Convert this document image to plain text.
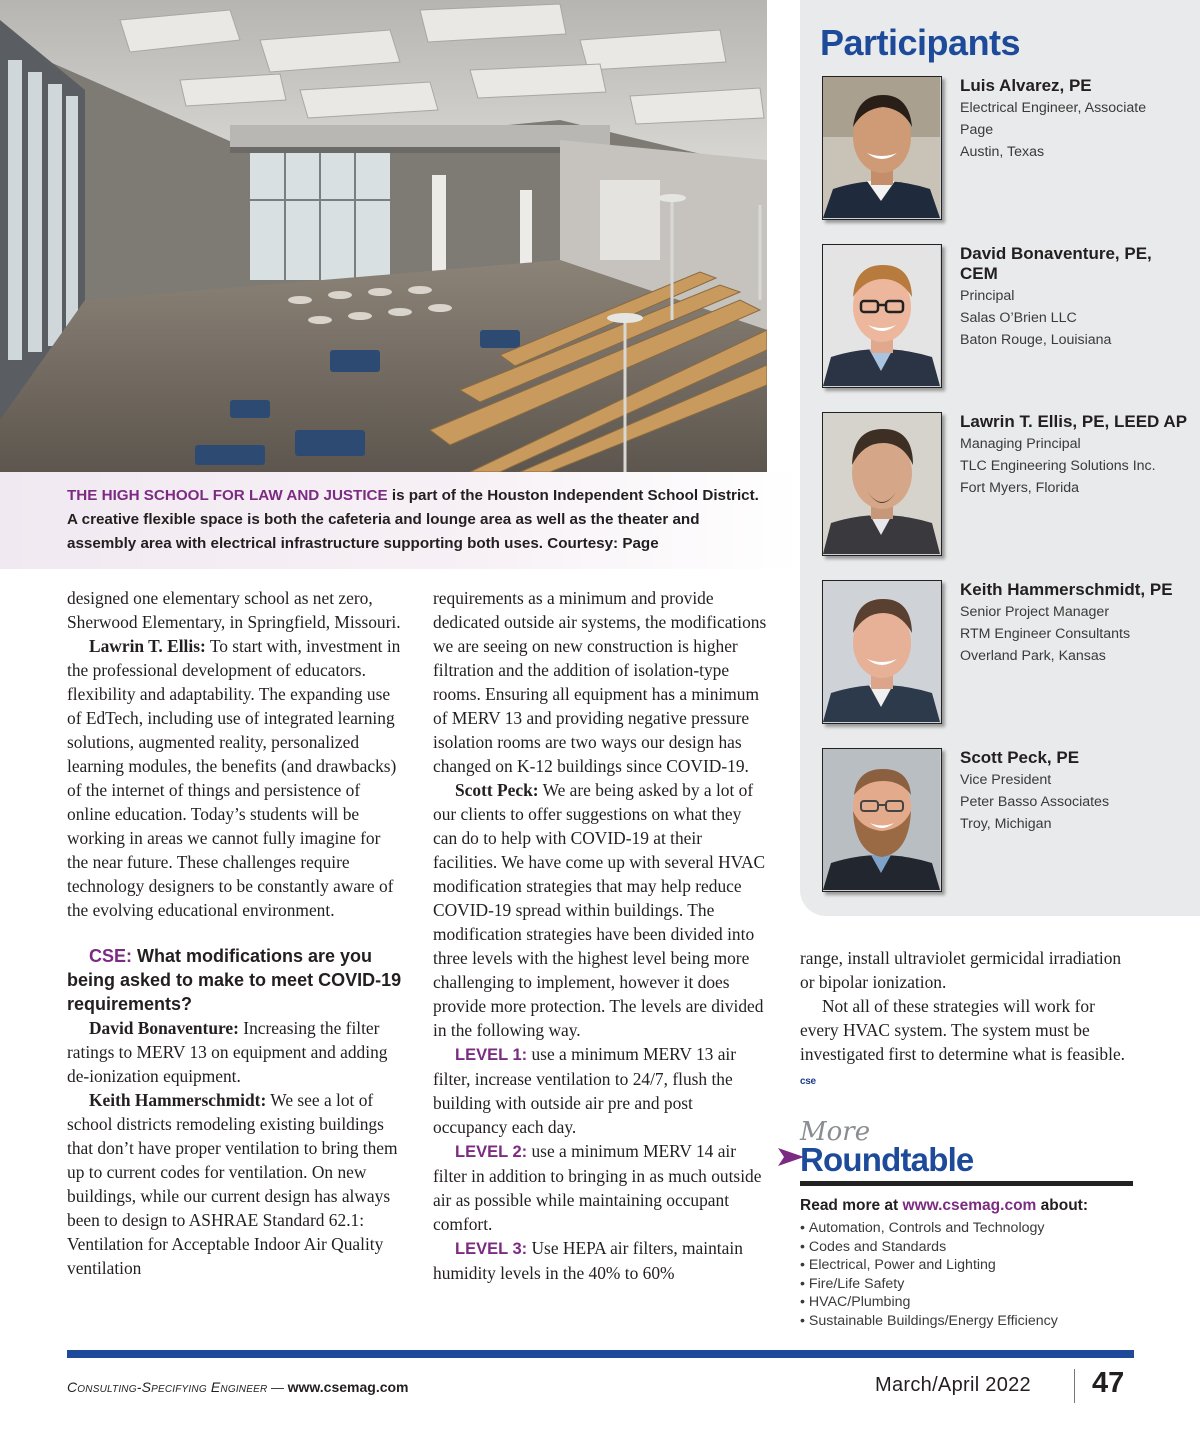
THE HIGH SCHOOL FOR LAW AND JUSTICE is part of the Houston Independent School District. A creative flexible space is both the cafeteria and lounge area as well as the theater and assembly area with electrical infrastructure supporting both uses. Courtesy: Page

designed one elementary school as net zero, Sherwood Elementary, in Springfield, Missouri.

Lawrin T. Ellis: To start with, investment in the professional development of educators. flexibility and adaptability. The expanding use of EdTech, including use of integrated learning solutions, augmented reality, personalized learning modules, the benefits (and drawbacks) of the internet of things and persistence of online education. Today’s students will be working in areas we cannot fully imagine for the near future. These challenges require technology designers to be constantly aware of the evolving educational environment.

CSE: What modifications are you being asked to make to meet COVID-19 requirements?

David Bonaventure: Increasing the filter ratings to MERV 13 on equipment and adding de-ionization equipment.

Keith Hammerschmidt: We see a lot of school districts remodeling existing buildings that don’t have proper ventilation to bring them up to current codes for ventilation. On new buildings, while our current design has always been to design to ASHRAE Standard 62.1: Ventilation for Acceptable Indoor Air Quality ventilation

requirements as a minimum and provide dedicated outside air systems, the modifications we are seeing on new construction is higher filtration and the addition of isolation-type rooms. Ensuring all equipment has a minimum of MERV 13 and providing negative pressure isolation rooms are two ways our design has changed on K-12 buildings since COVID-19.

Scott Peck: We are being asked by a lot of our clients to offer suggestions on what they can do to help with COVID-19 at their facilities. We have come up with several HVAC modification strategies that may help reduce COVID-19 spread within buildings. The modification strategies have been divided into three levels with the highest level being more challenging to implement, however it does provide more protection. The levels are divided in the following way.

LEVEL 1: use a minimum MERV 13 air filter, increase ventilation to 24/7, flush the building with outside air pre and post occupancy each day.

LEVEL 2: use a minimum MERV 14 air filter in addition to bringing in as much outside air as possible while maintaining occupant comfort.

LEVEL 3: Use HEPA air filters, maintain humidity levels in the 40% to 60%

range, install ultraviolet germicidal irradiation or bipolar ionization.

Not all of these strategies will work for every HVAC system. The system must be investigated first to determine what is feasible. cse

Participants
Luis Alvarez, PE
Electrical Engineer, Associate
Page
Austin, Texas
David Bonaventure, PE, CEM
Principal
Salas O’Brien LLC
Baton Rouge, Louisiana
Lawrin T. Ellis, PE, LEED AP
Managing Principal
TLC Engineering Solutions Inc.
Fort Myers, Florida
Keith Hammerschmidt, PE
Senior Project Manager
RTM Engineer Consultants
Overland Park, Kansas
Scott Peck, PE
Vice President
Peter Basso Associates
Troy, Michigan
More
Roundtable
Read more at www.csemag.com about:
• Automation, Controls and Technology
• Codes and Standards
• Electrical, Power and Lighting
• Fire/Life Safety
• HVAC/Plumbing
• Sustainable Buildings/Energy Efficiency
Consulting-Specifying Engineer — www.csemag.com	March/April 2022 47
